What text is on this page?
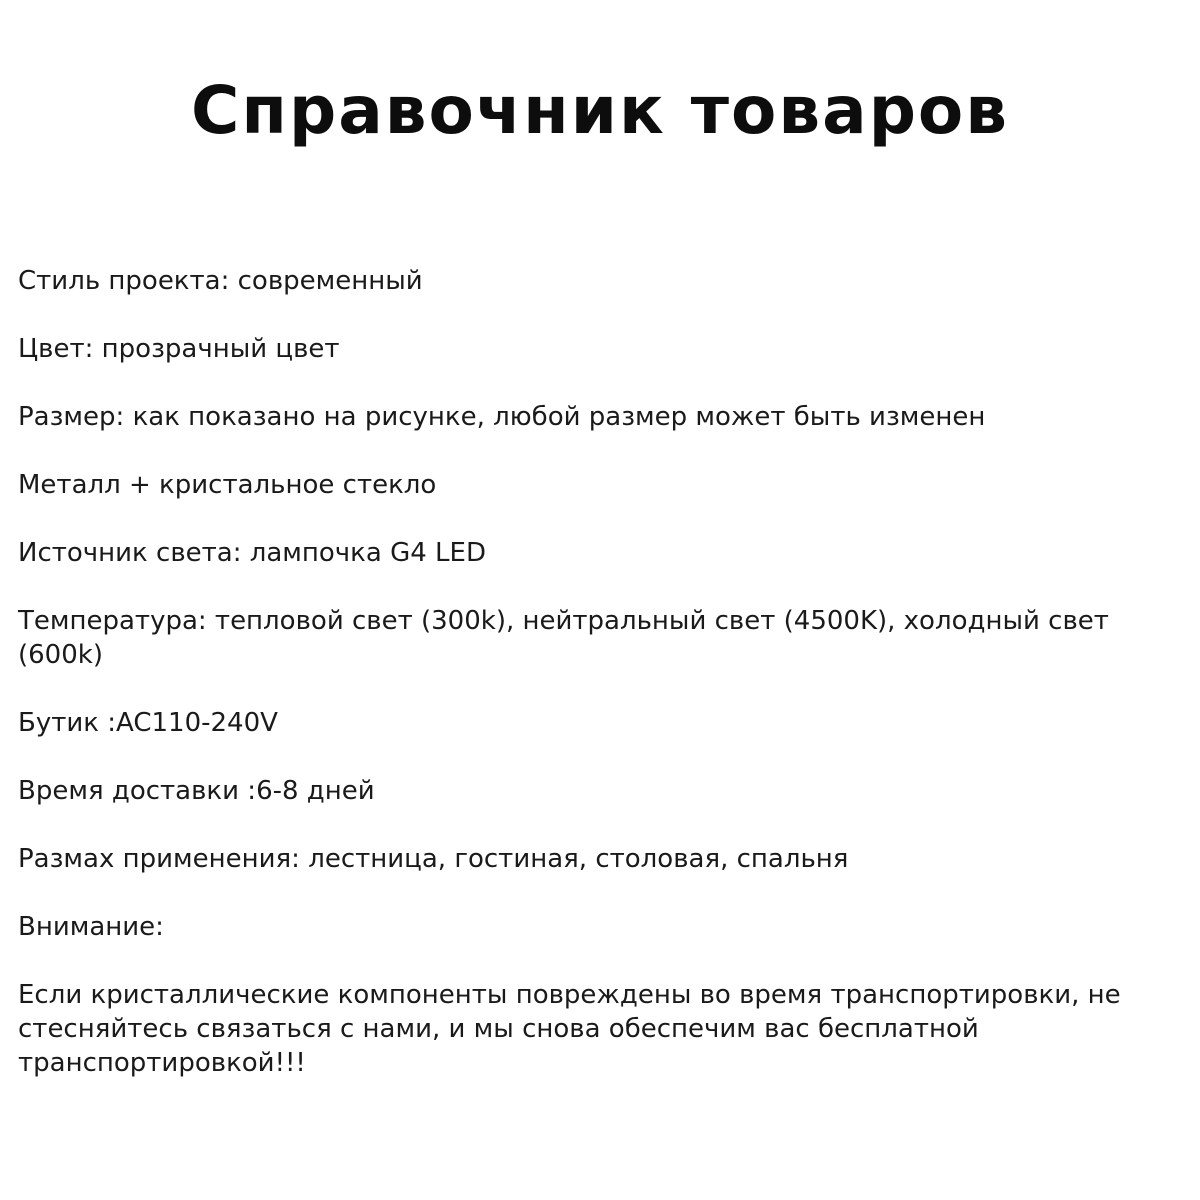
Справочник товаров

Стиль проекта: современный

Цвет: прозрачный цвет

Размер: как показано на рисунке, любой размер может быть изменен

Металл + кристальное стекло

Источник света: лампочка G4 LED

Температура: тепловой свет (300k), нейтральный свет (4500K), холодный свет (600k)

Бутик :AC110-240V

Время доставки :6-8 дней

Размах применения: лестница, гостиная, столовая, спальня

Внимание:

Если кристаллические компоненты повреждены во время транспортировки, не стесняйтесь связаться с нами, и мы снова обеспечим вас бесплатной транспортировкой!!!
